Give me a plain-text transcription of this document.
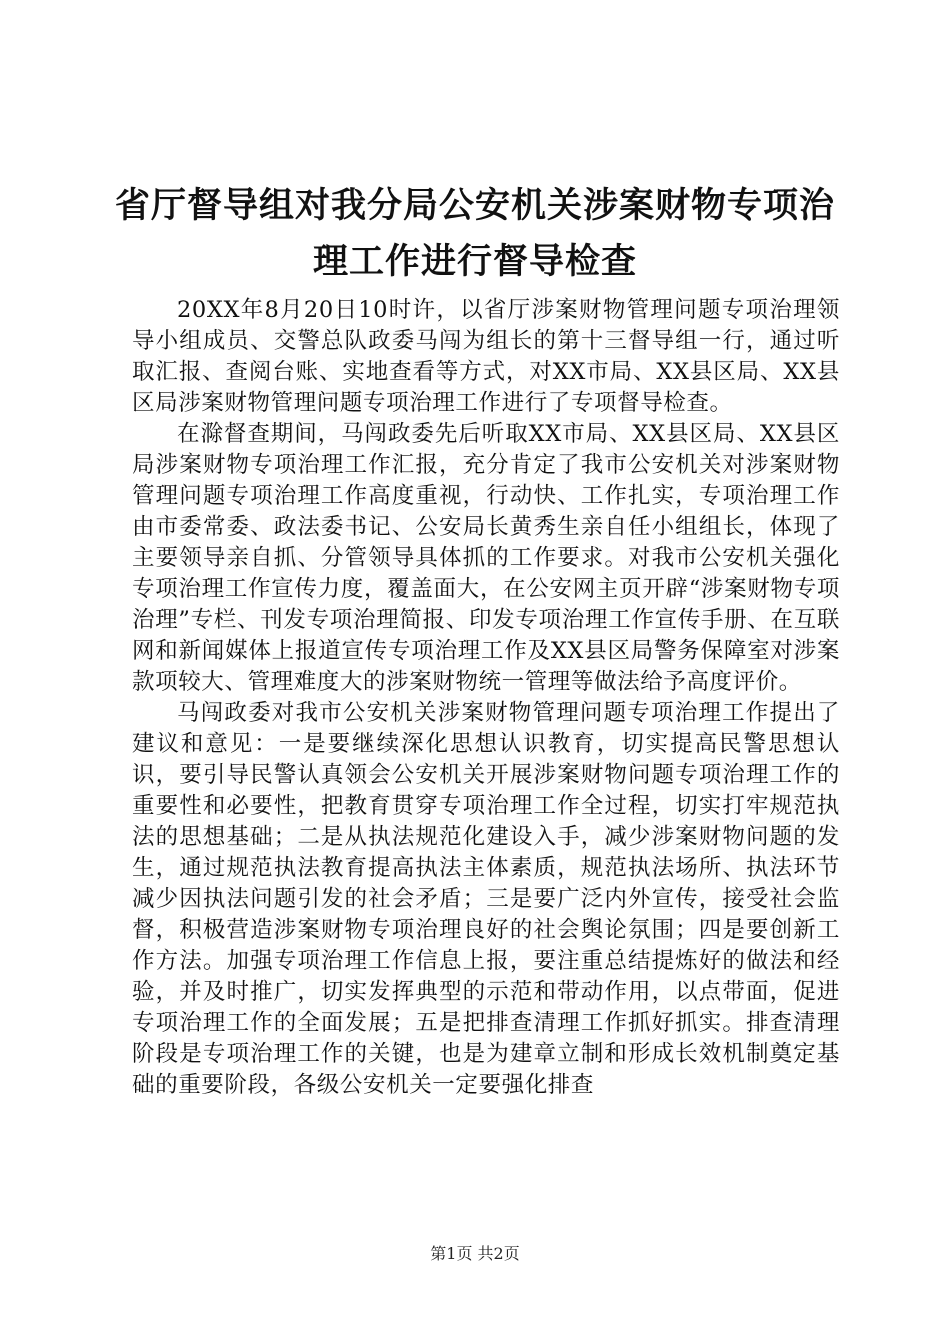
省厅督导组对我分局公安机关涉案财物专项治理工作进行督导检查

20XX年8月20日10时许，以省厅涉案财物管理问题专项治理领导小组成员、交警总队政委马闯为组长的第十三督导组一行，通过听取汇报、查阅台账、实地查看等方式，对XX市局、XX县区局、XX县区局涉案财物管理问题专项治理工作进行了专项督导检查。

在滁督查期间，马闯政委先后听取XX市局、XX县区局、XX县区局涉案财物专项治理工作汇报，充分肯定了我市公安机关对涉案财物管理问题专项治理工作高度重视，行动快、工作扎实，专项治理工作由市委常委、政法委书记、公安局长黄秀生亲自任小组组长，体现了主要领导亲自抓、分管领导具体抓的工作要求。对我市公安机关强化专项治理工作宣传力度，覆盖面大，在公安网主页开辟“涉案财物专项治理”专栏、刊发专项治理简报、印发专项治理工作宣传手册、在互联网和新闻媒体上报道宣传专项治理工作及XX县区局警务保障室对涉案款项较大、管理难度大的涉案财物统一管理等做法给予高度评价。

马闯政委对我市公安机关涉案财物管理问题专项治理工作提出了建议和意见：一是要继续深化思想认识教育，切实提高民警思想认识，要引导民警认真领会公安机关开展涉案财物问题专项治理工作的重要性和必要性，把教育贯穿专项治理工作全过程，切实打牢规范执法的思想基础；二是从执法规范化建设入手，减少涉案财物问题的发生，通过规范执法教育提高执法主体素质，规范执法场所、执法环节减少因执法问题引发的社会矛盾；三是要广泛内外宣传，接受社会监督，积极营造涉案财物专项治理良好的社会舆论氛围；四是要创新工作方法。加强专项治理工作信息上报，要注重总结提炼好的做法和经验，并及时推广，切实发挥典型的示范和带动作用，以点带面，促进专项治理工作的全面发展；五是把排查清理工作抓好抓实。排查清理阶段是专项治理工作的关键，也是为建章立制和形成长效机制奠定基础的重要阶段，各级公安机关一定要强化排查

第1页 共2页
